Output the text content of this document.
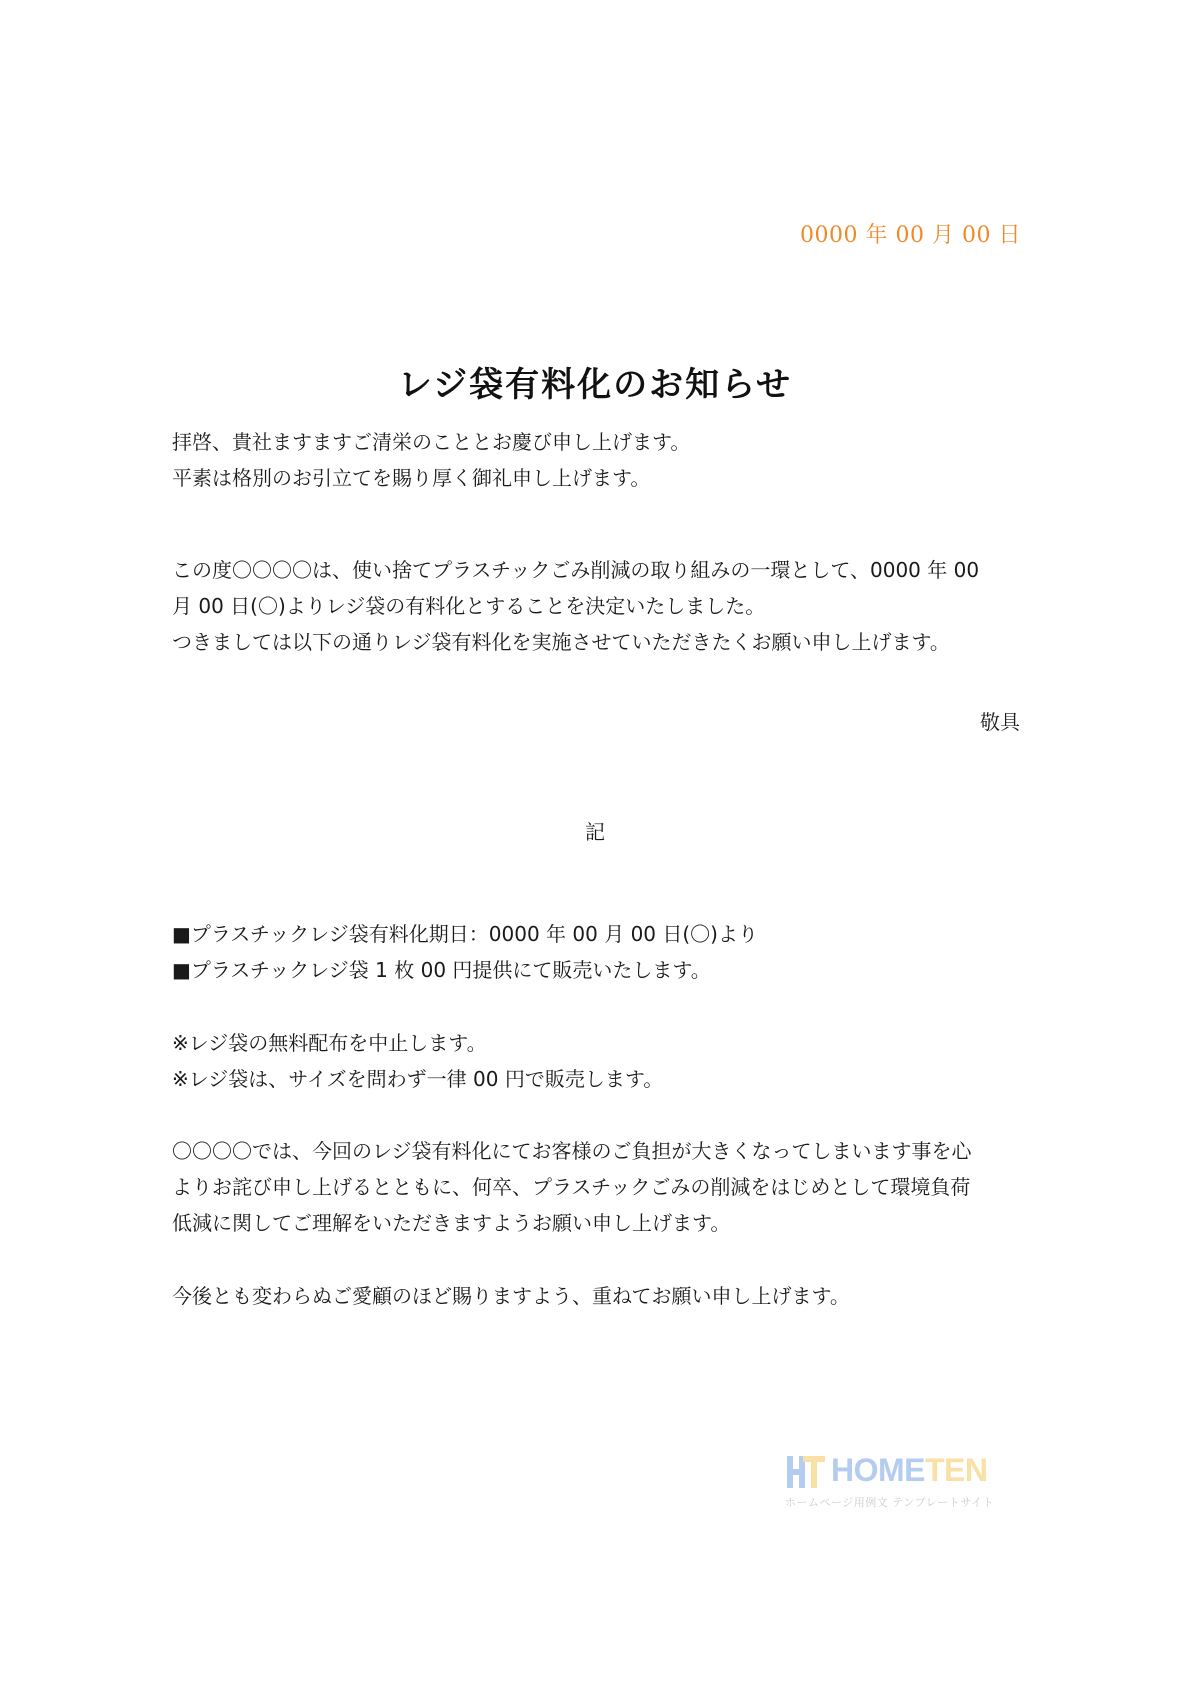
0000 年 00 月 00 日
レジ袋有料化のお知らせ

拝啓、貴社ますますご清栄のこととお慶び申し上げます。

平素は格別のお引立てを賜り厚く御礼申し上げます。

この度〇〇〇〇は、使い捨てプラスチックごみ削減の取り組みの一環として、0000 年 00

月 00 日(〇)よりレジ袋の有料化とすることを決定いたしました。

つきましては以下の通りレジ袋有料化を実施させていただきたくお願い申し上げます。

敬具
記

■プラスチックレジ袋有料化期日：0000 年 00 月 00 日(〇)より

■プラスチックレジ袋 1 枚 00 円提供にて販売いたします。

※レジ袋の無料配布を中止します。

※レジ袋は、サイズを問わず一律 00 円で販売します。

〇〇〇〇では、今回のレジ袋有料化にてお客様のご負担が大きくなってしまいます事を心

よりお詫び申し上げるとともに、何卒、プラスチックごみの削減をはじめとして環境負荷

低減に関してご理解をいただきますようお願い申し上げます。

今後とも変わらぬご愛顧のほど賜りますよう、重ねてお願い申し上げます。

HOMETEN
ホームページ用例文 テンプレートサイト
